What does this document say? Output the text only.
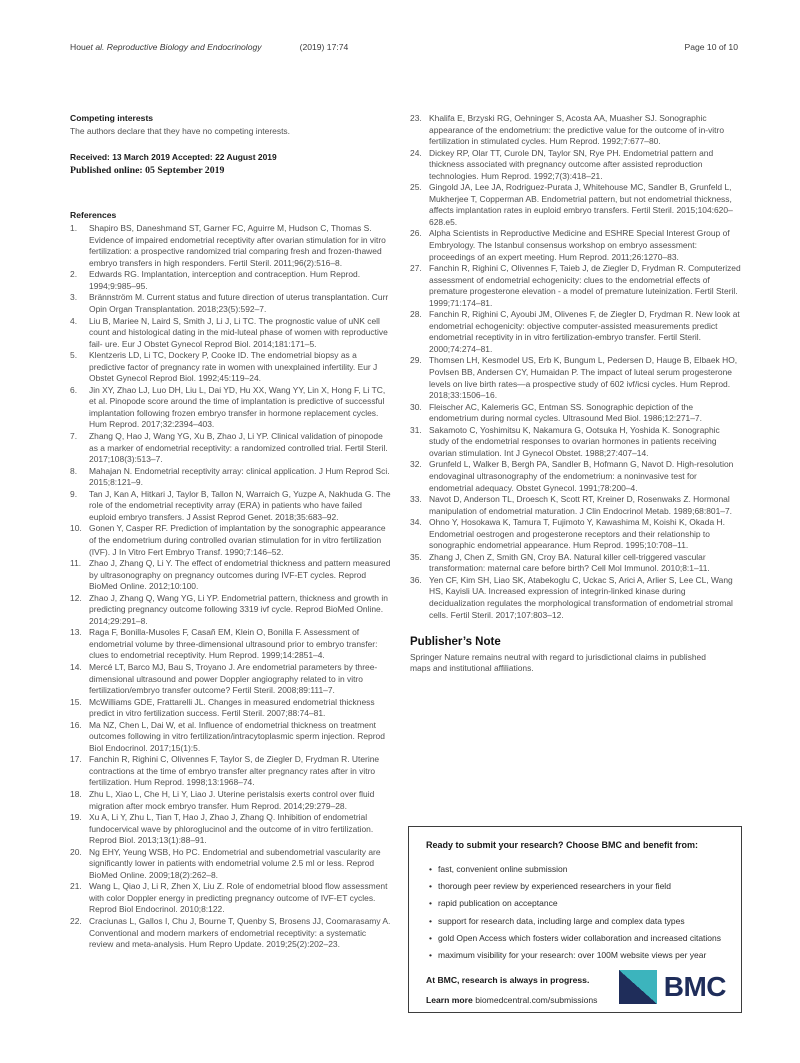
Hou et al. Reproductive Biology and Endocrinology	(2019) 17:74	Page 10 of 10

Competing interests

The authors declare that they have no competing interests.

Received: 13 March 2019 Accepted: 22 August 2019

Published online: 05 September 2019

References

1.	Shapiro BS, Daneshmand ST, Garner FC, Aguirre M, Hudson C, Thomas S. Evidence of impaired endometrial receptivity after ovarian stimulation for in vitro fertilization: a prospective randomized trial comparing fresh and frozen-thawed embryo transfers in high responders. Fertil Steril. 2011;96(2):516–8.
2.	Edwards RG. Implantation, interception and contraception. Hum Reprod. 1994;9:985–95.
3.	Brännström M. Current status and future direction of uterus transplantation. Curr Opin Organ Transplantation. 2018;23(5):592–7.
4.	Liu B, Mariee N, Laird S, Smith J, Li J, Li TC. The prognostic value of uNK cell count and histological dating in the mid-luteal phase of women with reproductive fail- ure. Eur J Obstet Gynecol Reprod Biol. 2014;181:171–5.
5.	Klentzeris LD, Li TC, Dockery P, Cooke ID. The endometrial biopsy as a predictive factor of pregnancy rate in women with unexplained infertility. Eur J Obstet Gynecol Reprod Biol. 1992;45:119–24.
6.	Jin XY, Zhao LJ, Luo DH, Liu L, Dai YD, Hu XX, Wang YY, Lin X, Hong F, Li TC, et al. Pinopode score around the time of implantation is predictive of successful implantation following frozen embryo transfer in hormone replacement cycles. Hum Reprod. 2017;32:2394–403.
7.	Zhang Q, Hao J, Wang YG, Xu B, Zhao J, Li YP. Clinical validation of pinopode as a marker of endometrial receptivity: a randomized controlled trial. Fertil Steril. 2017;108(3):513–7.
8.	Mahajan N. Endometrial receptivity array: clinical application. J Hum Reprod Sci. 2015;8:121–9.
9.	Tan J, Kan A, Hitkari J, Taylor B, Tallon N, Warraich G, Yuzpe A, Nakhuda G. The role of the endometrial receptivity array (ERA) in patients who have failed euploid embryo transfers. J Assist Reprod Genet. 2018;35:683–92.
10. Gonen Y, Casper RF. Prediction of implantation by the sonographic appearance of the endometrium during controlled ovarian stimulation for in vitro fertilization (IVF). J In Vitro Fert Embryo Transf. 1990;7:146–52.
11. Zhao J, Zhang Q, Li Y. The effect of endometrial thickness and pattern measured by ultrasonography on pregnancy outcomes during IVF-ET cycles. Reprod BioMed Online. 2012;10:100.
12. Zhao J, Zhang Q, Wang YG, Li YP. Endometrial pattern, thickness and growth in predicting pregnancy outcome following 3319 ivf cycle. Reprod BioMed Online. 2014;29:291–8.
13. Raga F, Bonilla-Musoles F, Casañ EM, Klein O, Bonilla F. Assessment of endometrial volume by three-dimensional ultrasound prior to embryo transfer: clues to endometrial receptivity. Hum Reprod. 1999;14:2851–4.
14. Mercé LT, Barco MJ, Bau S, Troyano J. Are endometrial parameters by three-dimensional ultrasound and power Doppler angiography related to in vitro fertilization/embryo transfer outcome? Fertil Steril. 2008;89:111–7.
15. McWilliams GDE, Frattarelli JL. Changes in measured endometrial thickness predict in vitro fertilization success. Fertil Steril. 2007;88:74–81.
16. Ma NZ, Chen L, Dai W, et al. Influence of endometrial thickness on treatment outcomes following in vitro fertilization/intracytoplasmic sperm injection. Reprod Biol Endocrinol. 2017;15(1):5.
17. Fanchin R, Righini C, Olivennes F, Taylor S, de Ziegler D, Frydman R. Uterine contractions at the time of embryo transfer alter pregnancy rates after in vitro fertilization. Hum Reprod. 1998;13:1968–74.
18. Zhu L, Xiao L, Che H, Li Y, Liao J. Uterine peristalsis exerts control over fluid migration after mock embryo transfer. Hum Reprod. 2014;29:279–28.
19. Xu A, Li Y, Zhu L, Tian T, Hao J, Zhao J, Zhang Q. Inhibition of endometrial fundocervical wave by phloroglucinol and the outcome of in vitro fertilization. Reprod Biol. 2013;13(1):88–91.
20. Ng EHY, Yeung WSB, Ho PC. Endometrial and subendometrial vascularity are significantly lower in patients with endometrial volume 2.5 ml or less. Reprod BioMed Online. 2009;18(2):262–8.
21. Wang L, Qiao J, Li R, Zhen X, Liu Z. Role of endometrial blood flow assessment with color Doppler energy in predicting pregnancy outcome of IVF-ET cycles. Reprod Biol Endocrinol. 2010;8:122.
22. Craciunas L, Gallos I, Chu J, Bourne T, Quenby S, Brosens JJ, Coomarasamy A. Conventional and modern markers of endometrial receptivity: a systematic review and meta-analysis. Hum Repro Update. 2019;25(2):202–23.
23. Khalifa E, Brzyski RG, Oehninger S, Acosta AA, Muasher SJ. Sonographic appearance of the endometrium: the predictive value for the outcome of in-vitro fertilization in stimulated cycles. Hum Reprod. 1992;7:677–80.
24. Dickey RP, Olar TT, Curole DN, Taylor SN, Rye PH. Endometrial pattern and thickness associated with pregnancy outcome after assisted reproduction technologies. Hum Reprod. 1992;7(3):418–21.
25. Gingold JA, Lee JA, Rodriguez-Purata J, Whitehouse MC, Sandler B, Grunfeld L, Mukherjee T, Copperman AB. Endometrial pattern, but not endometrial thickness, affects implantation rates in euploid embryo transfers. Fertil Steril. 2015;104:620–628.e5.
26. Alpha Scientists in Reproductive Medicine and ESHRE Special Interest Group of Embryology. The Istanbul consensus workshop on embryo assessment: proceedings of an expert meeting. Hum Reprod. 2011;26:1270–83.
27. Fanchin R, Righini C, Olivennes F, Taieb J, de Ziegler D, Frydman R. Computerized assessment of endometrial echogenicity: clues to the endometrial effects of premature progesterone elevation - a model of premature luteinization. Fertil Steril. 1999;71:174–81.
28. Fanchin R, Righini C, Ayoubi JM, Olivenes F, de Ziegler D, Frydman R. New look at endometrial echogenicity: objective computer-assisted measurements predict endometrial receptivity in in vitro fertilization-embryo transfer. Fertil Steril. 2000;74:274–81.
29. Thomsen LH, Kesmodel US, Erb K, Bungum L, Pedersen D, Hauge B, Elbaek HO, Povlsen BB, Andersen CY, Humaidan P. The impact of luteal serum progesterone levels on live birth rates—a prospective study of 602 ivf/icsi cycles. Hum Reprod. 2018;33:1506–16.
30. Fleischer AC, Kalemeris GC, Entman SS. Sonographic depiction of the endometrium during normal cycles. Ultrasound Med Biol. 1986;12:271–7.
31. Sakamoto C, Yoshimitsu K, Nakamura G, Ootsuka H, Yoshida K. Sonographic study of the endometrial responses to ovarian hormones in patients receiving ovarian stimulation. Int J Gynecol Obstet. 1988;27:407–14.
32. Grunfeld L, Walker B, Bergh PA, Sandler B, Hofmann G, Navot D. High-resolution endovaginal ultrasonography of the endometrium: a noninvasive test for endometrial adequacy. Obstet Gynecol. 1991;78:200–4.
33. Navot D, Anderson TL, Droesch K, Scott RT, Kreiner D, Rosenwaks Z. Hormonal manipulation of endometrial maturation. J Clin Endocrinol Metab. 1989;68:801–7.
34. Ohno Y, Hosokawa K, Tamura T, Fujimoto Y, Kawashima M, Koishi K, Okada H. Endometrial oestrogen and progesterone receptors and their relationship to sonographic endometrial appearance. Hum Reprod. 1995;10:708–11.
35. Zhang J, Chen Z, Smith GN, Croy BA. Natural killer cell-triggered vascular transformation: maternal care before birth? Cell Mol Immunol. 2010;8:1–11.
36. Yen CF, Kim SH, Liao SK, Atabekoglu C, Uckac S, Arici A, Arlier S, Lee CL, Wang HS, Kayisli UA. Increased expression of integrin-linked kinase during decidualization regulates the morphological transformation of endometrial stromal cells. Fertil Steril. 2017;107:803–12.

Publisher’s Note

Springer Nature remains neutral with regard to jurisdictional claims in published maps and institutional affiliations.

Ready to submit your research? Choose BMC and benefit from:

• fast, convenient online submission
• thorough peer review by experienced researchers in your field
• rapid publication on acceptance
• support for research data, including large and complex data types
• gold Open Access which fosters wider collaboration and increased citations
• maximum visibility for your research: over 100M website views per year

At BMC, research is always in progress.

Learn more biomedcentral.com/submissions BMC
